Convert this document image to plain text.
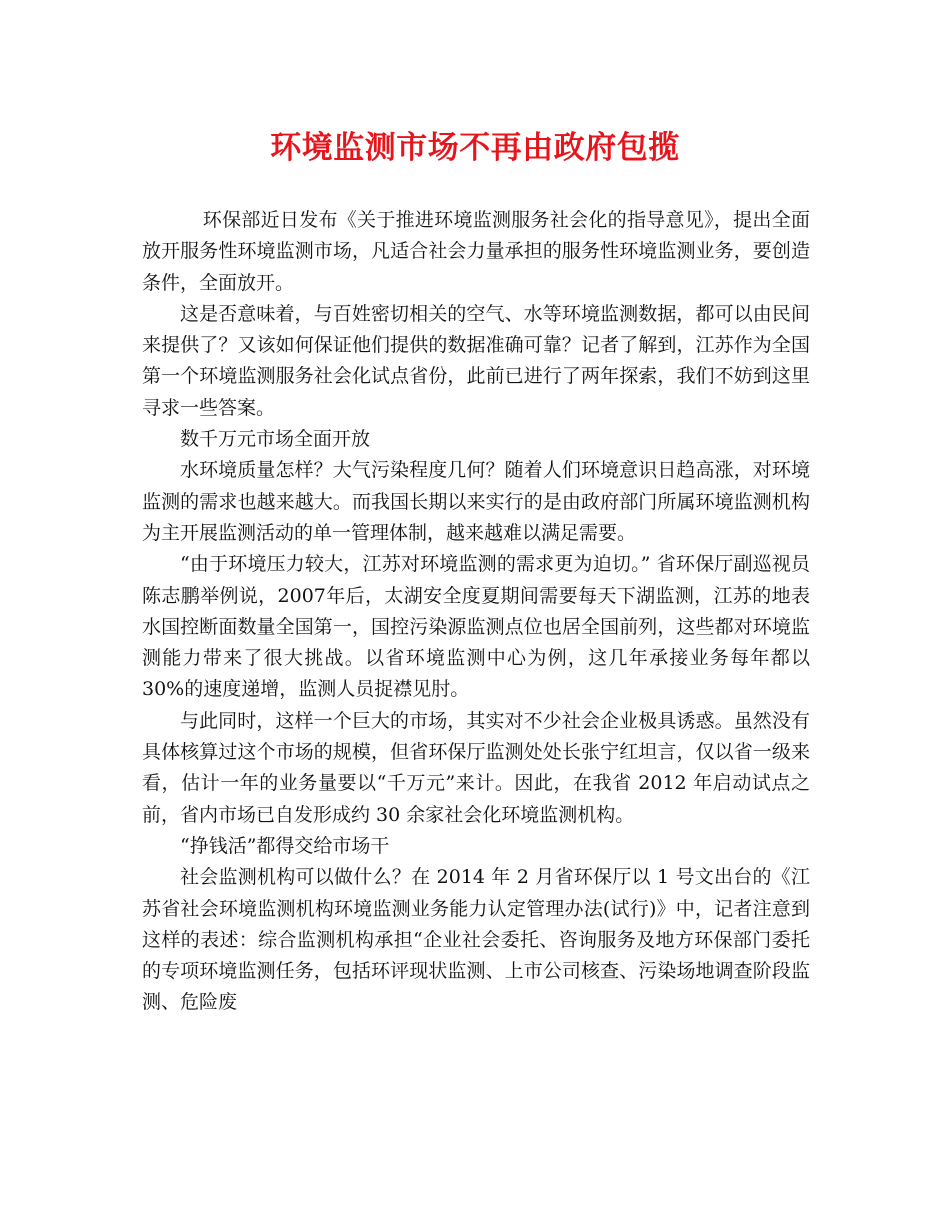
环境监测市场不再由政府包揽

环保部近日发布《关于推进环境监测服务社会化的指导意见》，提出全面放开服务性环境监测市场，凡适合社会力量承担的服务性环境监测业务，要创造条件，全面放开。

这是否意味着，与百姓密切相关的空气、水等环境监测数据，都可以由民间来提供了？又该如何保证他们提供的数据准确可靠？记者了解到，江苏作为全国第一个环境监测服务社会化试点省份，此前已进行了两年探索，我们不妨到这里寻求一些答案。

数千万元市场全面开放

水环境质量怎样？大气污染程度几何？随着人们环境意识日趋高涨，对环境监测的需求也越来越大。而我国长期以来实行的是由政府部门所属环境监测机构为主开展监测活动的单一管理体制，越来越难以满足需要。

“由于环境压力较大，江苏对环境监测的需求更为迫切。” 省环保厅副巡视员陈志鹏举例说，2007年后，太湖安全度夏期间需要每天下湖监测，江苏的地表水国控断面数量全国第一，国控污染源监测点位也居全国前列，这些都对环境监测能力带来了很大挑战。以省环境监测中心为例，这几年承接业务每年都以 30%的速度递增，监测人员捉襟见肘。

与此同时，这样一个巨大的市场，其实对不少社会企业极具诱惑。虽然没有具体核算过这个市场的规模，但省环保厅监测处处长张宁红坦言，仅以省一级来看，估计一年的业务量要以“千万元”来计。因此，在我省 2012 年启动试点之前，省内市场已自发形成约 30 余家社会化环境监测机构。

“挣钱活”都得交给市场干

社会监测机构可以做什么？在 2014 年 2 月省环保厅以 1 号文出台的《江苏省社会环境监测机构环境监测业务能力认定管理办法(试行)》中，记者注意到这样的表述：综合监测机构承担“企业社会委托、咨询服务及地方环保部门委托的专项环境监测任务，包括环评现状监测、上市公司核查、污染场地调查阶段监测、危险废
